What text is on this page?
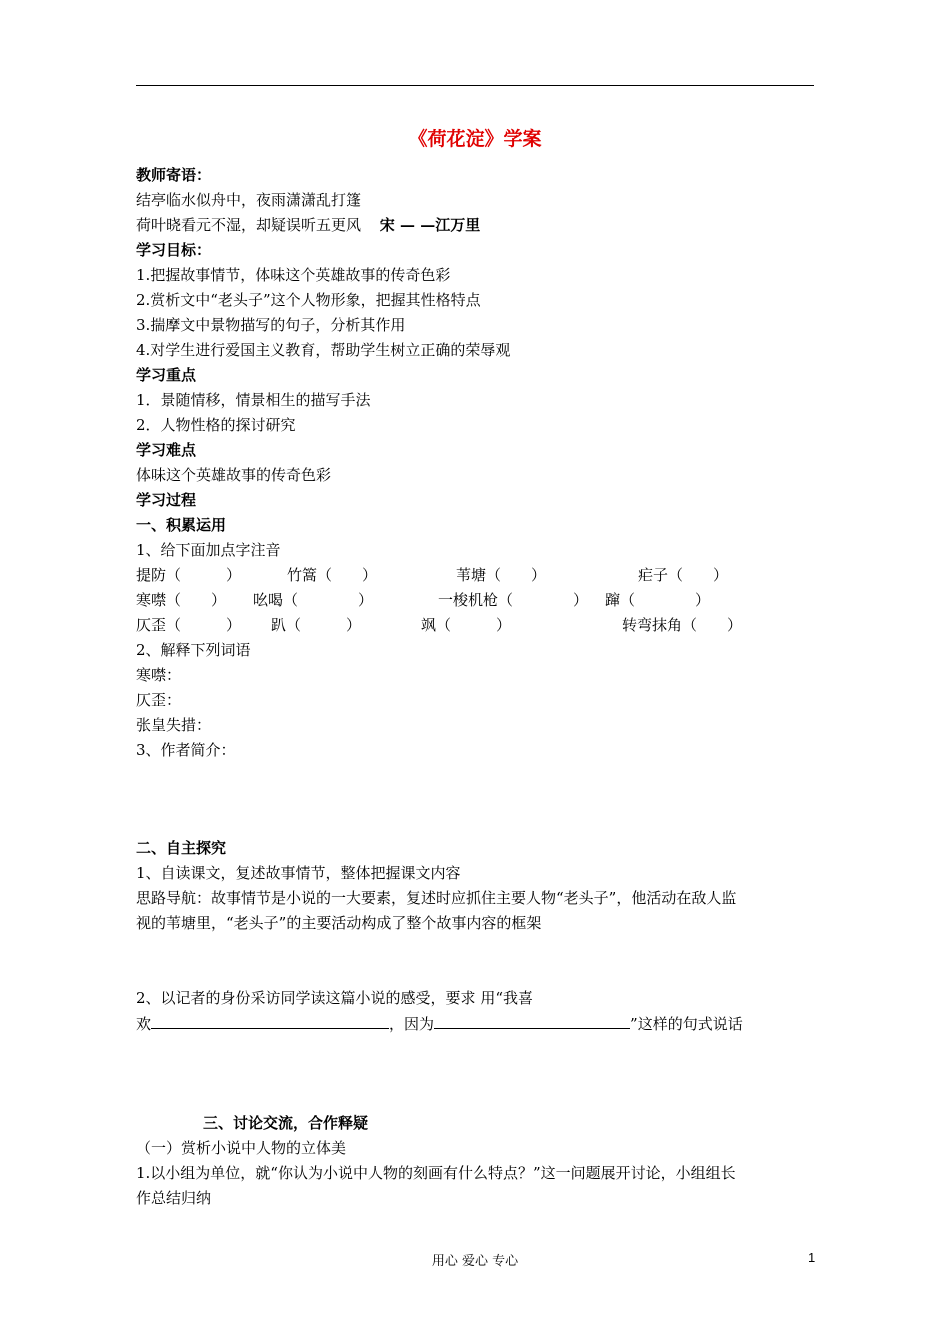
《荷花淀》学案
教师寄语：
结亭临水似舟中，夜雨潇潇乱打篷
荷叶晓看元不湿，却疑误听五更风 宋 — —江万里
学习目标：
1.把握故事情节，体味这个英雄故事的传奇色彩
2.赏析文中“老头子”这个人物形象，把握其性格特点
3.揣摩文中景物描写的句子，分析其作用
4.对学生进行爱国主义教育，帮助学生树立正确的荣辱观
学习重点
1．景随情移，情景相生的描写手法
2．人物性格的探讨研究
学习难点
体味这个英雄故事的传奇色彩
学习过程
一、积累运用
1、给下面加点字注音
提防（　　　）	竹篙（　　）	苇塘（　　）	疟子（　　）
寒噤（　　） 吆喝（　　　　）	一梭机枪（　　　　） 蹿（　　　　）
仄歪（　　　） 趴（　　　）	飒（　　　）	转弯抹角（　　）
2、解释下列词语
寒噤：
仄歪：
张皇失措：
3、作者简介：
二、自主探究
1、自读课文，复述故事情节，整体把握课文内容
思路导航：故事情节是小说的一大要素，复述时应抓住主要人物“老头子”，他活动在敌人监
视的苇塘里，“老头子”的主要活动构成了整个故事内容的框架
2、以记者的身份采访同学读这篇小说的感受，要求 用“我喜
欢	，因为	”这样的句式说话
三、讨论交流，合作释疑
（一）赏析小说中人物的立体美
1.以小组为单位，就“你认为小说中人物的刻画有什么特点？”这一问题展开讨论，小组组长
作总结归纳
用心 爱心 专心	1
